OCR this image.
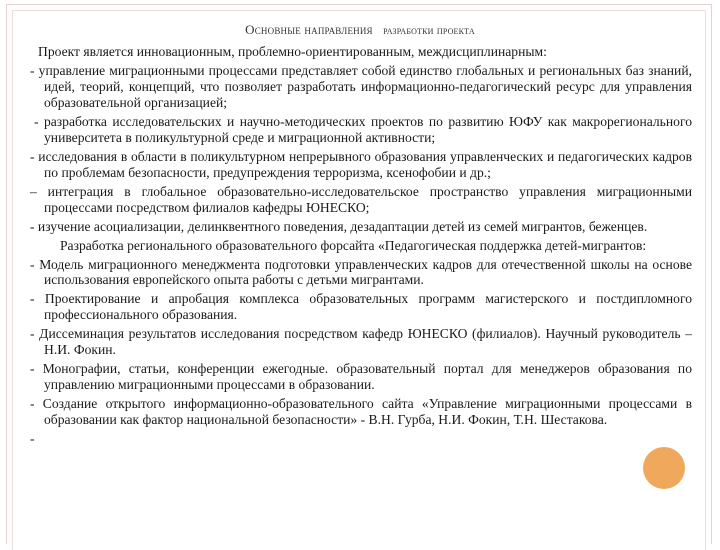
Основные направления разработки проекта

Проект является инновационным, проблемно-ориентированным, междисциплинарным:

- управление миграционными процессами представляет собой единство глобальных и региональных баз знаний, идей, теорий, концепций, что позволяет разработать информационно-педагогический ресурс для управления образовательной организацией;

- разработка исследовательских и научно-методических проектов по развитию ЮФУ как макрорегионального университета в поликультурной среде и миграционной активности;

- исследования в области в поликультурном непрерывного образования управленческих и педагогических кадров по проблемам безопасности, предупреждения терроризма, ксенофобии и др.;

– интеграция в глобальное образовательно-исследовательское пространство управления миграционными процессами посредством филиалов кафедры ЮНЕСКО;

- изучение асоциализации, делинквентного поведения, дезадаптации детей из семей мигрантов, беженцев.

Разработка регионального образовательного форсайта «Педагогическая поддержка детей-мигрантов:

- Модель миграционного менеджмента подготовки управленческих кадров для отечественной школы на основе использования европейского опыта работы с детьми мигрантами.

- Проектирование и апробация комплекса образовательных программ магистерского и постдипломного профессионального образования.

- Диссеминация результатов исследования посредством кафедр ЮНЕСКО (филиалов). Научный руководитель – Н.И. Фокин.

- Монографии, статьи, конференции ежегодные. образовательный портал для менеджеров образования по управлению миграционными процессами в образовании.

- Создание открытого информационно-образовательного сайта «Управление миграционными процессами в образовании как фактор национальной безопасности» - В.Н. Гурба, Н.И. Фокин, Т.Н. Шестакова.

-
